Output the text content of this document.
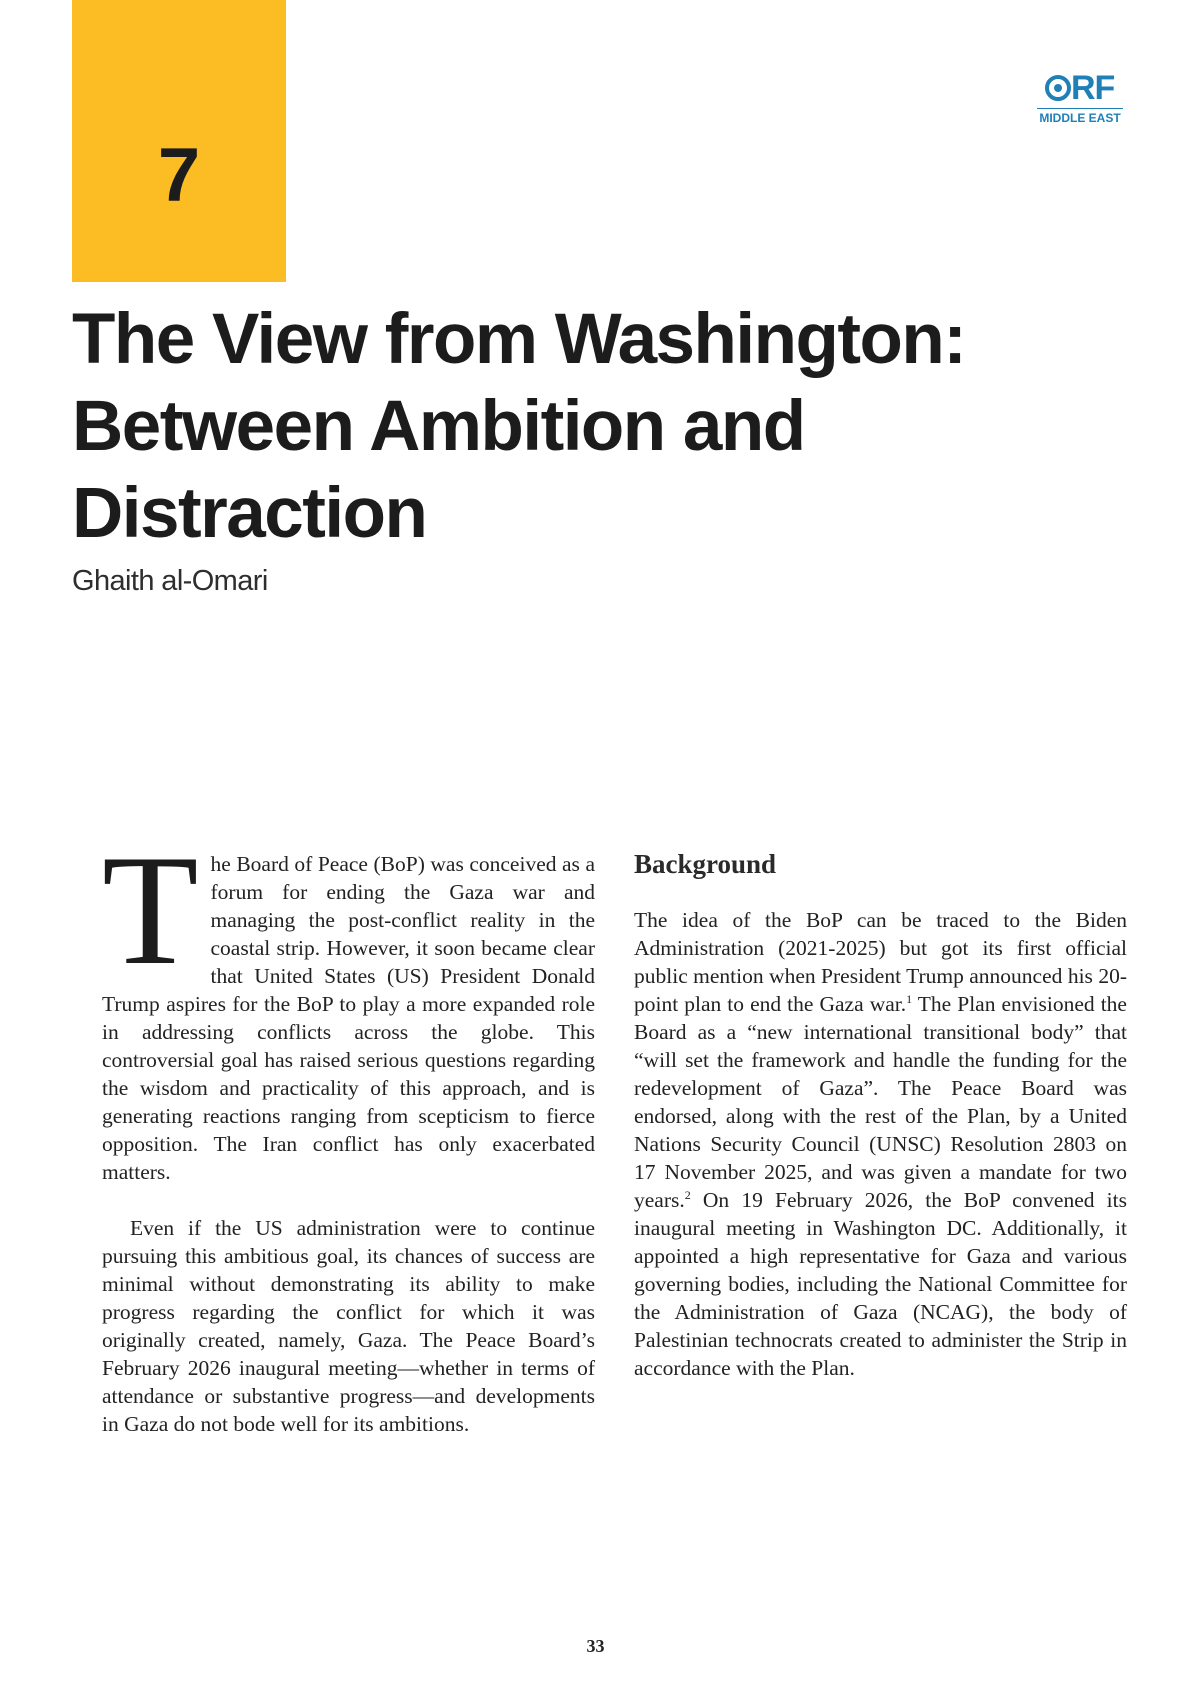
7
RF
MIDDLE EAST
The View from Washington:
Between Ambition and
Distraction
Ghaith al-Omari

The Board of Peace (BoP) was conceived as a forum for ending the Gaza war and managing the post-conflict reality in the coastal strip. However, it soon became clear that United States (US) President Donald Trump aspires for the BoP to play a more expanded role in addressing conflicts across the globe. This controversial goal has raised serious questions regarding the wisdom and practicality of this approach, and is generating reactions ranging from scepticism to fierce opposition. The Iran conflict has only exacerbated matters.

Even if the US administration were to continue pursuing this ambitious goal, its chances of success are minimal without demonstrating its ability to make progress regarding the conflict for which it was originally created, namely, Gaza. The Peace Board’s February 2026 inaugural meeting—whether in terms of attendance or substantive progress—and developments in Gaza do not bode well for its ambitions.

Background

The idea of the BoP can be traced to the Biden Administration (2021-2025) but got its first official public mention when President Trump announced his 20-point plan to end the Gaza war.$^1$ The Plan envisioned the Board as a “new international transitional body” that “will set the framework and handle the funding for the redevelopment of Gaza”. The Peace Board was endorsed, along with the rest of the Plan, by a United Nations Security Council (UNSC) Resolution 2803 on 17 November 2025, and was given a mandate for two years.$^2$ On 19 February 2026, the BoP convened its inaugural meeting in Washington DC. Additionally, it appointed a high representative for Gaza and various governing bodies, including the National Committee for the Administration of Gaza (NCAG), the body of Palestinian technocrats created to administer the Strip in accordance with the Plan.

33
